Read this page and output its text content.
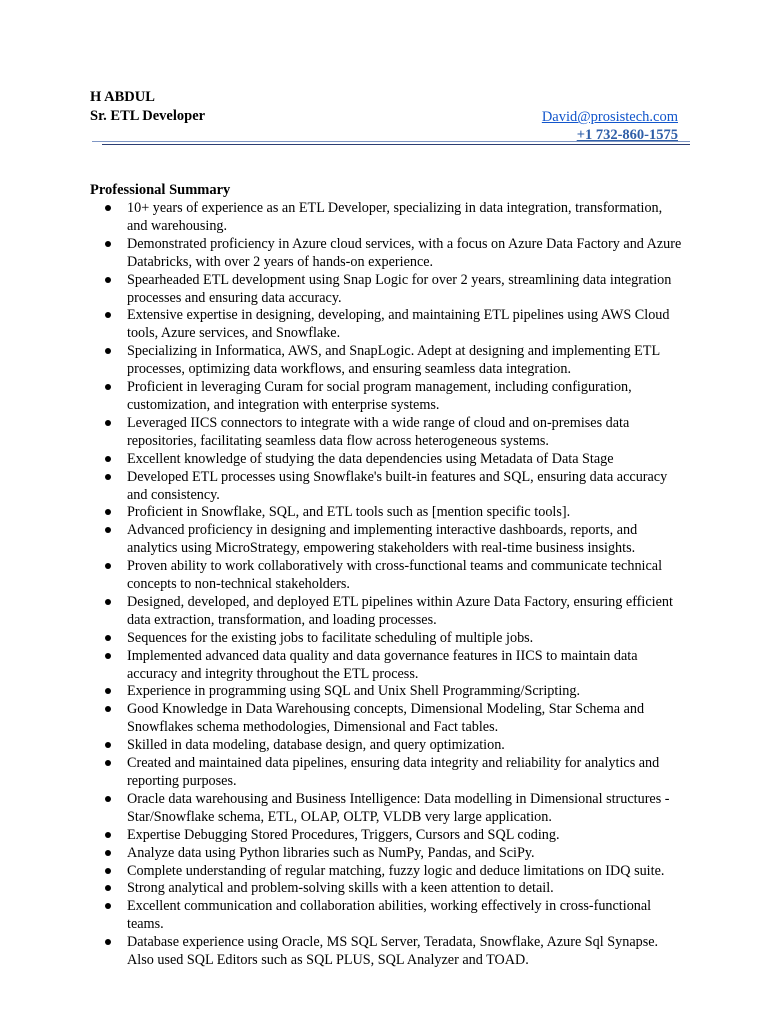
H ABDUL

Sr. ETL Developer	David@prosistech.com
+1 732-860-1575

Professional Summary

10+ years of experience as an ETL Developer, specializing in data integration, transformation, and warehousing.
Demonstrated proficiency in Azure cloud services, with a focus on Azure Data Factory and Azure Databricks, with over 2 years of hands-on experience.
Spearheaded ETL development using Snap Logic for over 2 years, streamlining data integration processes and ensuring data accuracy.
Extensive expertise in designing, developing, and maintaining ETL pipelines using AWS Cloud tools, Azure services, and Snowflake.
Specializing in Informatica, AWS, and SnapLogic. Adept at designing and implementing ETL processes, optimizing data workflows, and ensuring seamless data integration.
Proficient in leveraging Curam for social program management, including configuration, customization, and integration with enterprise systems.
Leveraged IICS connectors to integrate with a wide range of cloud and on-premises data repositories, facilitating seamless data flow across heterogeneous systems.
Excellent knowledge of studying the data dependencies using Metadata of Data Stage
Developed ETL processes using Snowflake's built-in features and SQL, ensuring data accuracy and consistency.
Proficient in Snowflake, SQL, and ETL tools such as [mention specific tools].
Advanced proficiency in designing and implementing interactive dashboards, reports, and analytics using MicroStrategy, empowering stakeholders with real-time business insights.
Proven ability to work collaboratively with cross-functional teams and communicate technical concepts to non-technical stakeholders.
Designed, developed, and deployed ETL pipelines within Azure Data Factory, ensuring efficient data extraction, transformation, and loading processes.
Sequences for the existing jobs to facilitate scheduling of multiple jobs.
Implemented advanced data quality and data governance features in IICS to maintain data accuracy and integrity throughout the ETL process.
Experience in programming using SQL and Unix Shell Programming/Scripting.
Good Knowledge in Data Warehousing concepts, Dimensional Modeling, Star Schema and Snowflakes schema methodologies, Dimensional and Fact tables.
Skilled in data modeling, database design, and query optimization.
Created and maintained data pipelines, ensuring data integrity and reliability for analytics and reporting purposes.
Oracle data warehousing and Business Intelligence: Data modelling in Dimensional structures - Star/Snowflake schema, ETL, OLAP, OLTP, VLDB very large application.
Expertise Debugging Stored Procedures, Triggers, Cursors and SQL coding.
Analyze data using Python libraries such as NumPy, Pandas, and SciPy.
Complete understanding of regular matching, fuzzy logic and deduce limitations on IDQ suite.
Strong analytical and problem-solving skills with a keen attention to detail.
Excellent communication and collaboration abilities, working effectively in cross-functional teams.
Database experience using Oracle, MS SQL Server, Teradata, Snowflake, Azure Sql Synapse. Also used SQL Editors such as SQL PLUS, SQL Analyzer and TOAD.
